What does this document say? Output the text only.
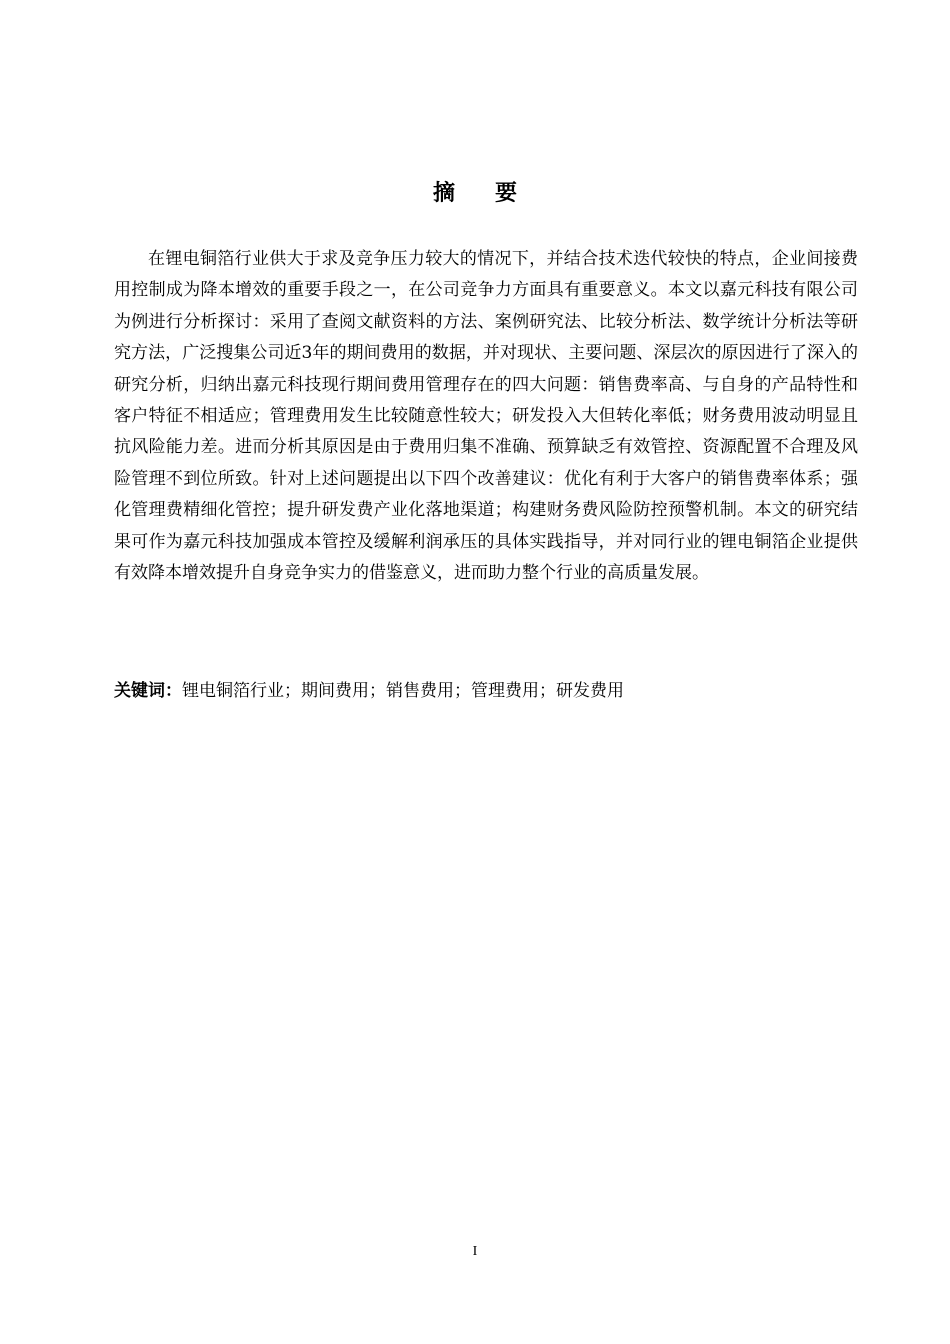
摘要

在锂电铜箔行业供大于求及竞争压力较大的情况下，并结合技术迭代较快的特点，企业间接费用控制成为降本增效的重要手段之一，在公司竞争力方面具有重要意义。本文以嘉元科技有限公司为例进行分析探讨：采用了查阅文献资料的方法、案例研究法、比较分析法、数学统计分析法等研究方法，广泛搜集公司近3年的期间费用的数据，并对现状、主要问题、深层次的原因进行了深入的研究分析，归纳出嘉元科技现行期间费用管理存在的四大问题：销售费率高、与自身的产品特性和客户特征不相适应；管理费用发生比较随意性较大；研发投入大但转化率低；财务费用波动明显且抗风险能力差。进而分析其原因是由于费用归集不准确、预算缺乏有效管控、资源配置不合理及风险管理不到位所致。针对上述问题提出以下四个改善建议：优化有利于大客户的销售费率体系；强化管理费精细化管控；提升研发费产业化落地渠道；构建财务费风险防控预警机制。本文的研究结果可作为嘉元科技加强成本管控及缓解利润承压的具体实践指导，并对同行业的锂电铜箔企业提供有效降本增效提升自身竞争实力的借鉴意义，进而助力整个行业的高质量发展。

关键词：锂电铜箔行业；期间费用；销售费用；管理费用；研发费用

I
